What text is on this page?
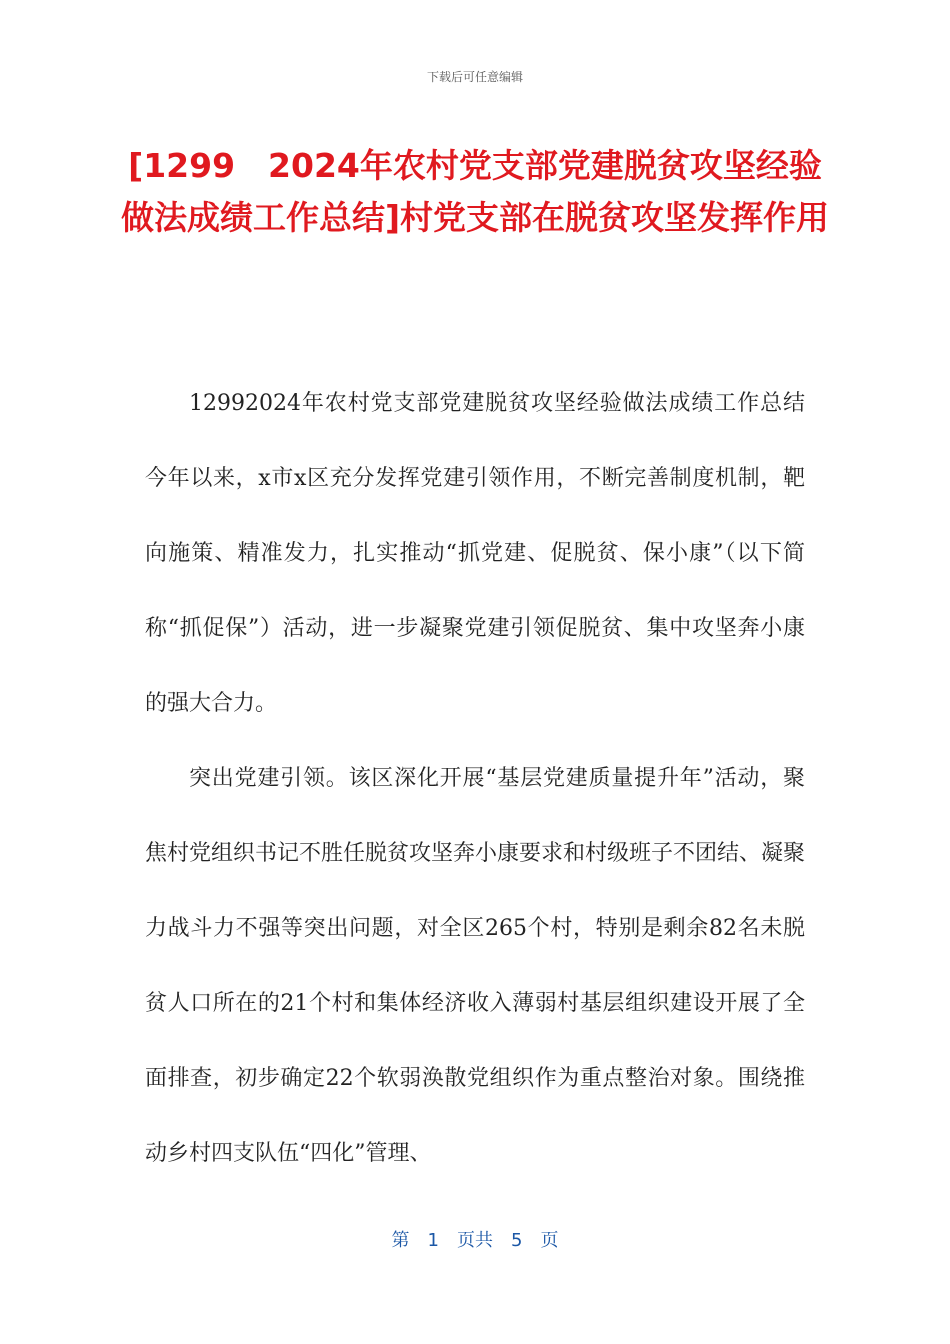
下载后可任意编辑
[1299　2024年农村党支部党建脱贫攻坚经验做法成绩工作总结]村党支部在脱贫攻坚发挥作用

12992024年农村党支部党建脱贫攻坚经验做法成绩工作总结今年以来，x市x区充分发挥党建引领作用，不断完善制度机制，靶向施策、精准发力，扎实推动“抓党建、促脱贫、保小康”（以下简称“抓促保”）活动，进一步凝聚党建引领促脱贫、集中攻坚奔小康的强大合力。

突出党建引领。该区深化开展“基层党建质量提升年”活动，聚焦村党组织书记不胜任脱贫攻坚奔小康要求和村级班子不团结、凝聚力战斗力不强等突出问题，对全区265个村，特别是剩余82名未脱贫人口所在的21个村和集体经济收入薄弱村基层组织建设开展了全面排查，初步确定22个软弱涣散党组织作为重点整治对象。围绕推动乡村四支队伍“四化”管理、

第　1　页共　5　页
